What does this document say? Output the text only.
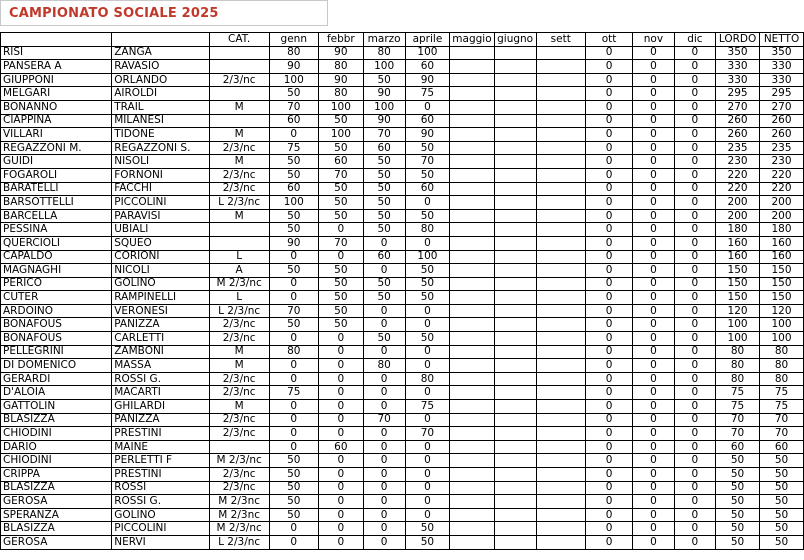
CAMPIONATO SOCIALE 2025
		CAT.	genn	febbr	marzo	aprile	maggio	giugno	sett	ott	nov	dic	LORDO	NETTO
RISI	ZANGA		80	90	80	100				0	0	0	350	350
PANSERA A	RAVASIO		90	80	100	60				0	0	0	330	330
GIUPPONI	ORLANDO	2/3/nc	100	90	50	90				0	0	0	330	330
MELGARI	AIROLDI		50	80	90	75				0	0	0	295	295
BONANNO	TRAIL	M	70	100	100	0				0	0	0	270	270
CIAPPINA	MILANESI		60	50	90	60				0	0	0	260	260
VILLARI	TIDONE	M	0	100	70	90				0	0	0	260	260
REGAZZONI M.	REGAZZONI S.	2/3/nc	75	50	60	50				0	0	0	235	235
GUIDI	NISOLI	M	50	60	50	70				0	0	0	230	230
FOGAROLI	FORNONI	2/3/nc	50	70	50	50				0	0	0	220	220
BARATELLI	FACCHI	2/3/nc	60	50	50	60				0	0	0	220	220
BARSOTTELLI	PICCOLINI	L 2/3/nc	100	50	50	0				0	0	0	200	200
BARCELLA	PARAVISI	M	50	50	50	50				0	0	0	200	200
PESSINA	UBIALI		50	0	50	80				0	0	0	180	180
QUERCIOLI	SQUEO		90	70	0	0				0	0	0	160	160
CAPALDO	CORIONI	L	0	0	60	100				0	0	0	160	160
MAGNAGHI	NICOLI	A	50	50	0	50				0	0	0	150	150
PERICO	GOLINO	M 2/3/nc	0	50	50	50				0	0	0	150	150
CUTER	RAMPINELLI	L	0	50	50	50				0	0	0	150	150
ARDOINO	VERONESI	L 2/3/nc	70	50	0	0				0	0	0	120	120
BONAFOUS	PANIZZA	2/3/nc	50	50	0	0				0	0	0	100	100
BONAFOUS	CARLETTI	2/3/nc	0	0	50	50				0	0	0	100	100
PELLEGRINI	ZAMBONI	M	80	0	0	0				0	0	0	80	80
DI DOMENICO	MASSA	M	0	0	80	0				0	0	0	80	80
GERARDI	ROSSI G.	2/3/nc	0	0	0	80				0	0	0	80	80
D'ALOIA	MACARTI	2/3/nc	75	0	0	0				0	0	0	75	75
GATTOLIN	GHILARDI	M	0	0	0	75				0	0	0	75	75
BLASIZZA	PANIZZA	2/3/nc	0	0	70	0				0	0	0	70	70
CHIODINI	PRESTINI	2/3/nc	0	0	0	70				0	0	0	70	70
DARIO	MAINE		0	60	0	0				0	0	0	60	60
CHIODINI	PERLETTI F	M 2/3/nc	50	0	0	0				0	0	0	50	50
CRIPPA	PRESTINI	2/3/nc	50	0	0	0				0	0	0	50	50
BLASIZZA	ROSSI	2/3/nc	50	0	0	0				0	0	0	50	50
GEROSA	ROSSI G.	M 2/3nc	50	0	0	0				0	0	0	50	50
SPERANZA	GOLINO	M 2/3nc	50	0	0	0				0	0	0	50	50
BLASIZZA	PICCOLINI	M 2/3/nc	0	0	0	50				0	0	0	50	50
GEROSA	NERVI	L 2/3/nc	0	0	0	50				0	0	0	50	50
